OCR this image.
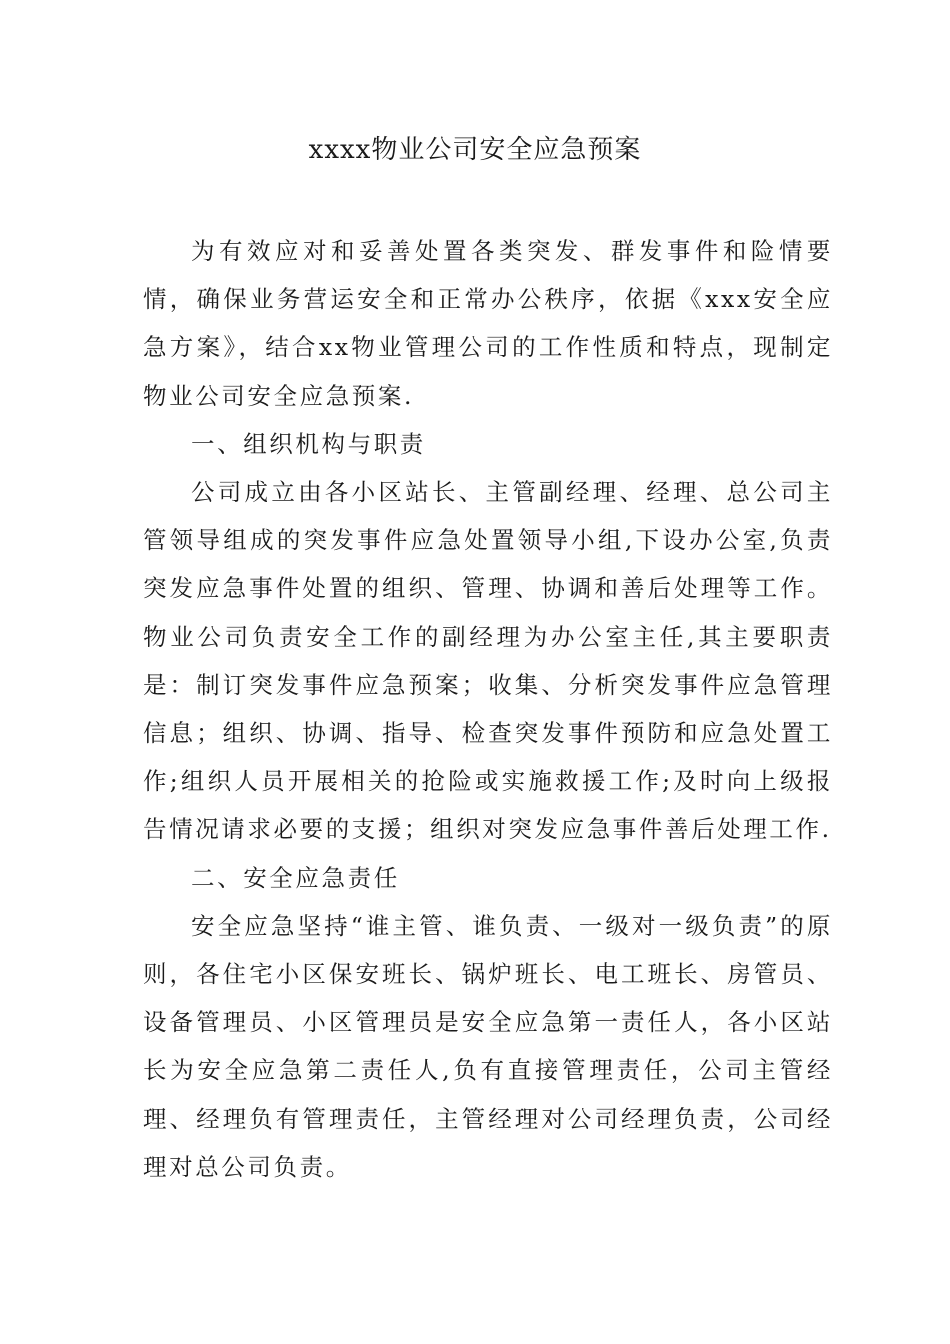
xxxx物业公司安全应急预案

为有效应对和妥善处置各类突发、群发事件和险情要情，确保业务营运安全和正常办公秩序，依据《xxx安全应急方案》，结合xx物业管理公司的工作性质和特点，现制定物业公司安全应急预案.

一、组织机构与职责

公司成立由各小区站长、主管副经理、经理、总公司主管领导组成的突发事件应急处置领导小组,下设办公室,负责突发应急事件处置的组织、管理、协调和善后处理等工作。物业公司负责安全工作的副经理为办公室主任,其主要职责是：制订突发事件应急预案；收集、分析突发事件应急管理信息；组织、协调、指导、检查突发事件预防和应急处置工作;组织人员开展相关的抢险或实施救援工作;及时向上级报告情况请求必要的支援；组织对突发应急事件善后处理工作.

二、安全应急责任

安全应急坚持“谁主管、谁负责、一级对一级负责”的原则，各住宅小区保安班长、锅炉班长、电工班长、房管员、设备管理员、小区管理员是安全应急第一责任人，各小区站长为安全应急第二责任人,负有直接管理责任，公司主管经理、经理负有管理责任，主管经理对公司经理负责，公司经理对总公司负责。
